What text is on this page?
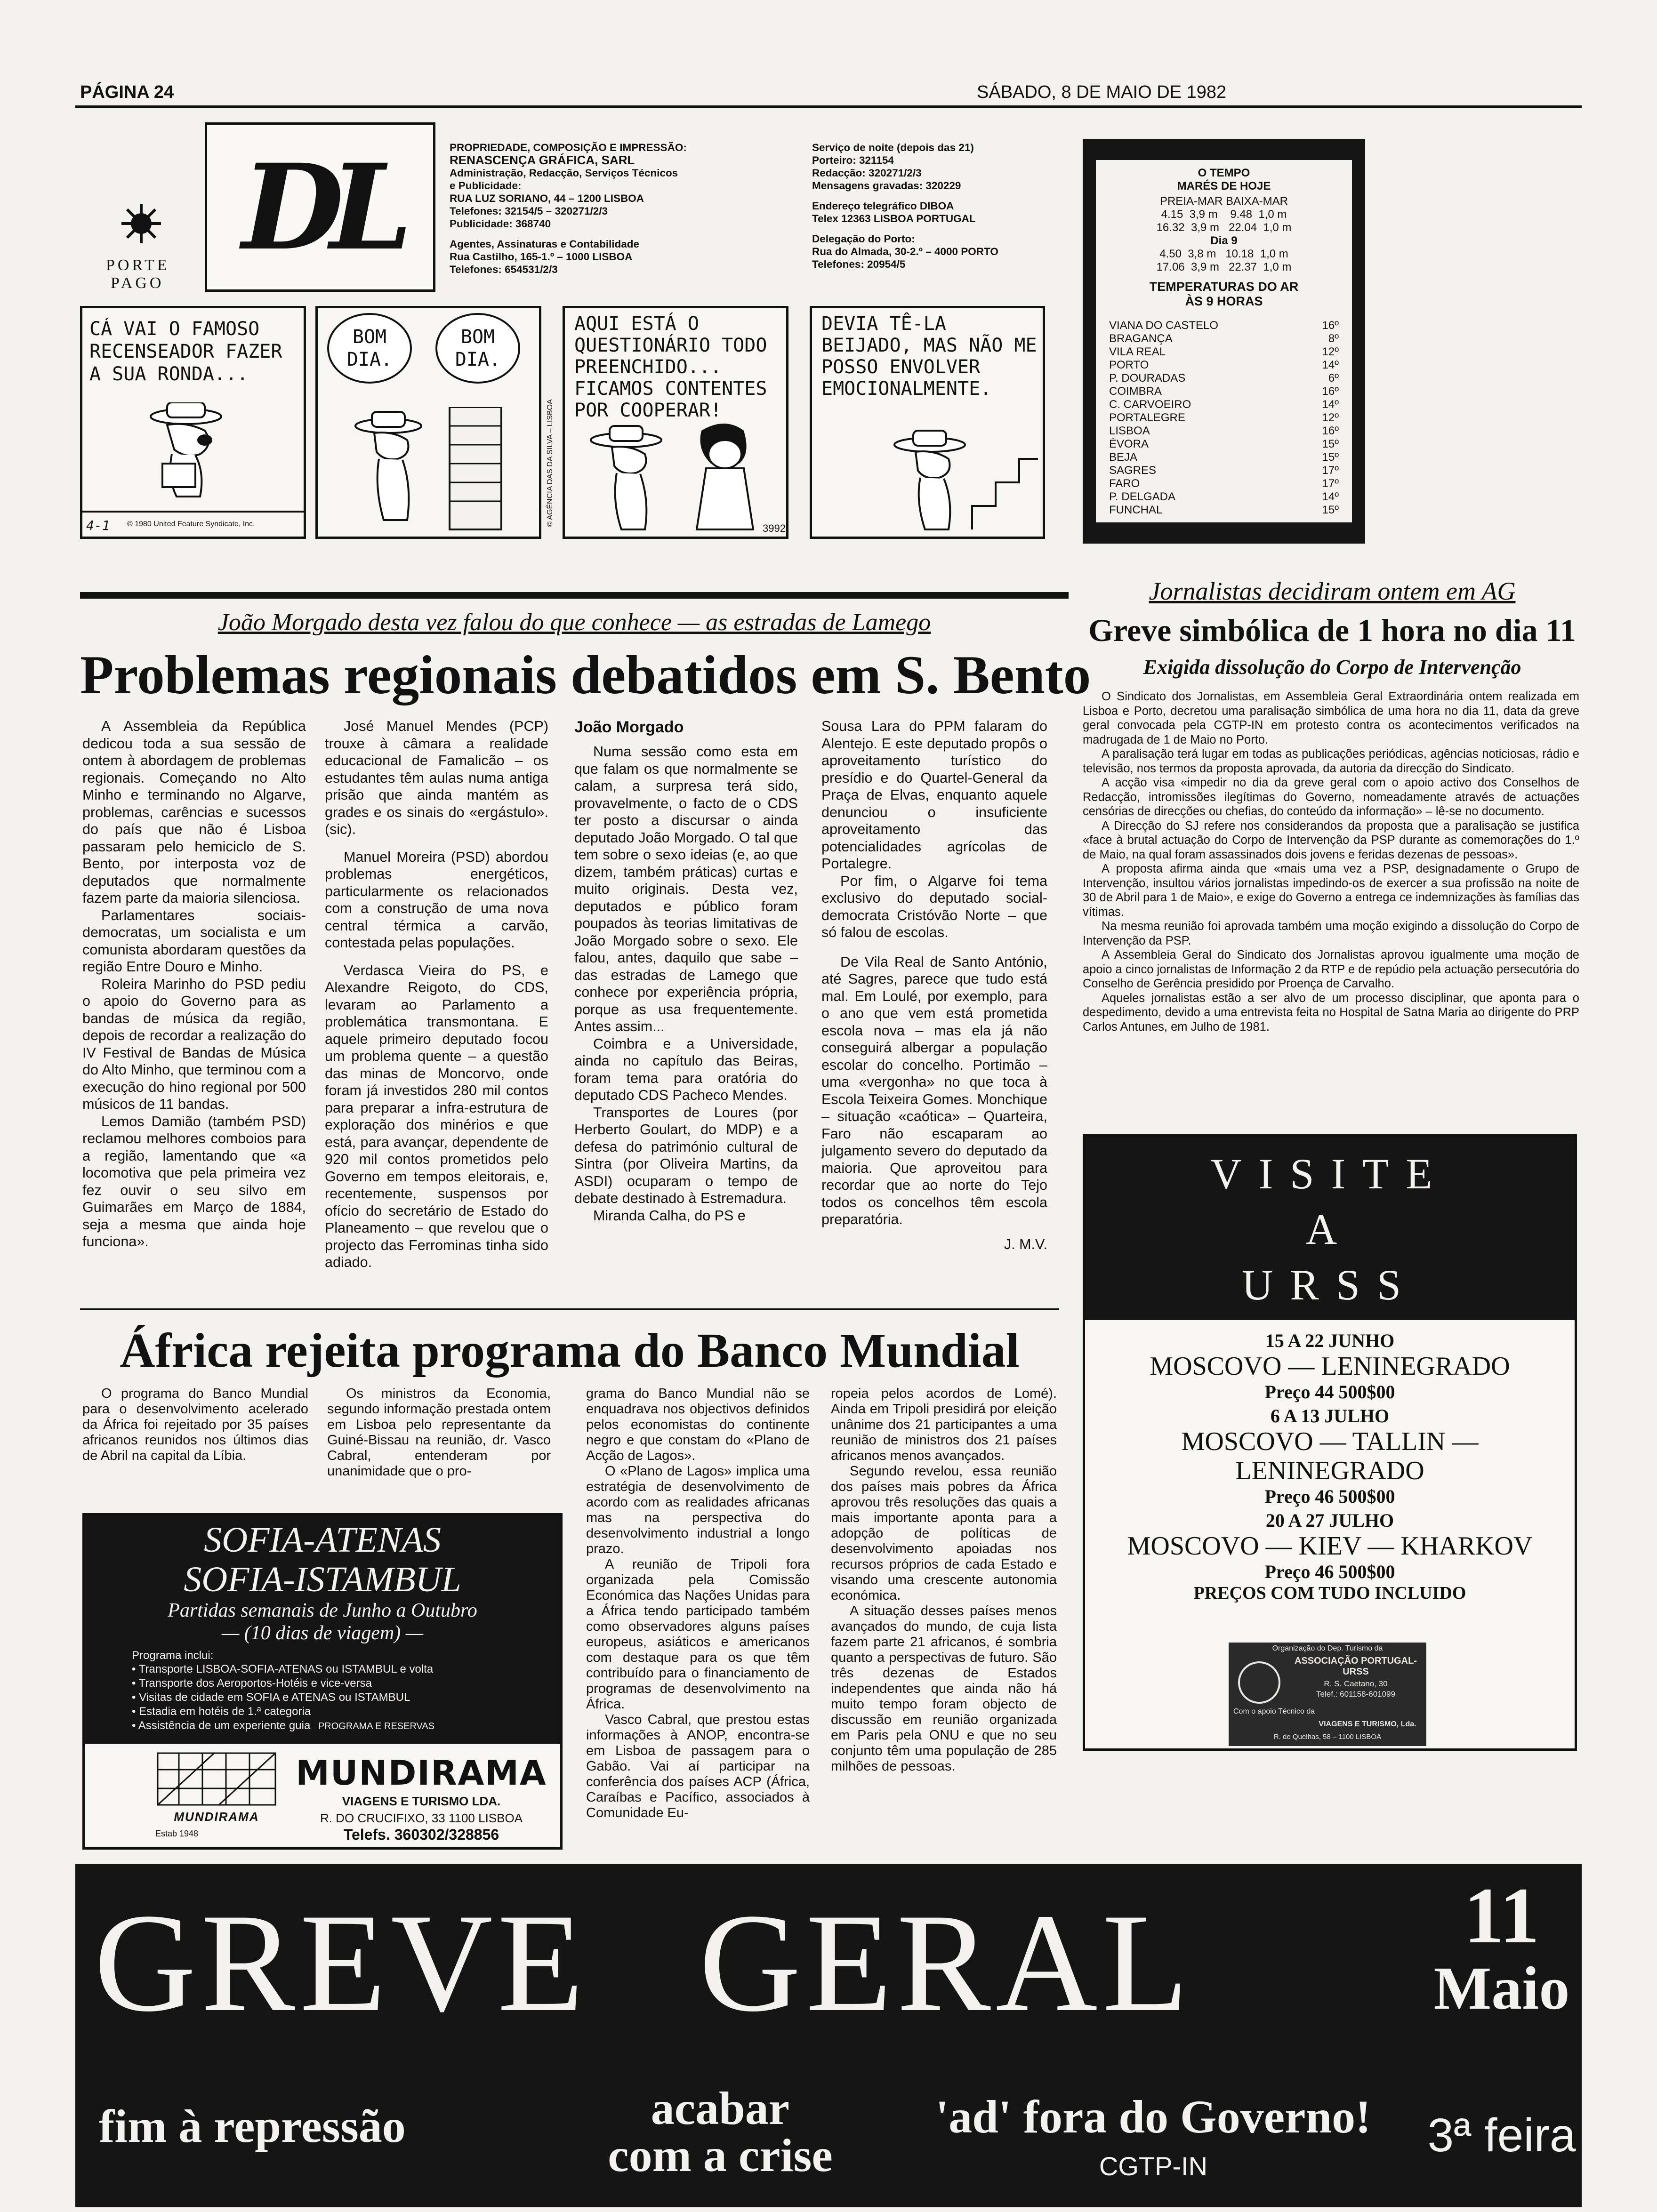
PÁGINA 24	SÁBADO, 8 DE MAIO DE 1982
PORTE
PAGO
DL	PROPRIEDADE, COMPOSIÇÃO E IMPRESSÃO:
RENASCENÇA GRÁFICA, SARL
Administração, Redacção, Serviços Técnicos
e Publicidade:
RUA LUZ SORIANO, 44 – 1200 LISBOA
Telefones: 32154/5 – 320271/2/3
Publicidade: 368740
Agentes, Assinaturas e Contabilidade
Rua Castilho, 165-1.º – 1000 LISBOA
Telefones: 654531/2/3
Serviço de noite (depois das 21)
Porteiro: 321154
Redacção: 320271/2/3
Mensagens gravadas: 320229
Endereço telegráfico DIBOA
Telex 12363 LISBOA PORTUGAL
Delegação do Porto:
Rua do Almada, 30-2.º – 4000 PORTO
Telefones: 20954/5
O TEMPO
MARÉS DE HOJE
PREIA-MAR BAIXA-MAR
4.15  3,9 m    9.48  1,0 m
16.32  3,9 m   22.04  1,0 m
Dia 9
4.50  3,8 m   10.18  1,0 m
17.06  3,9 m   22.37  1,0 m
TEMPERATURAS DO AR
ÀS 9 HORAS
VIANA DO CASTELO	16º
BRAGANÇA	8º
VILA REAL	12º
PORTO	14º
P. DOURADAS	6º
COIMBRA	16º
C. CARVOEIRO	14º
PORTALEGRE	12º
LISBOA	16º
ÉVORA	15º
BEJA	15º
SAGRES	17º
FARO	17º
P. DELGADA	14º
FUNCHAL	15º
CÁ VAI O FAMOSO RECENSEADOR FAZER A SUA RONDA...
4-1 © 1980 United Feature Syndicate, Inc.
BOM DIA.
BOM DIA.
© AGÊNCIA DAS DA SILVA – LISBOA
AQUI ESTÁ O QUESTIONÁRIO TODO PREENCHIDO... FICAMOS CONTENTES POR COOPERAR!
3992
DEVIA TÊ-LA BEIJADO, MAS NÃO ME POSSO ENVOLVER EMOCIONALMENTE.
João Morgado desta vez falou do que conhece — as estradas de Lamego
Problemas regionais debatidos em S. Bento

A Assembleia da República dedicou toda a sua sessão de ontem à abordagem de problemas regionais. Começando no Alto Minho e terminando no Algarve, problemas, carências e sucessos do país que não é Lisboa passaram pelo hemiciclo de S. Bento, por interposta voz de deputados que normalmente fazem parte da maioria silenciosa.

Parlamentares sociais-democratas, um socialista e um comunista abordaram questões da região Entre Douro e Minho.

Roleira Marinho do PSD pediu o apoio do Governo para as bandas de música da região, depois de recordar a realização do IV Festival de Bandas de Música do Alto Minho, que terminou com a execução do hino regional por 500 músicos de 11 bandas.

Lemos Damião (também PSD) reclamou melhores comboios para a região, lamentando que «a locomotiva que pela primeira vez fez ouvir o seu silvo em Guimarães em Março de 1884, seja a mesma que ainda hoje funciona».

José Manuel Mendes (PCP) trouxe à câmara a realidade educacional de Famalicão – os estudantes têm aulas numa antiga prisão que ainda mantém as grades e os sinais do «ergástulo». (sic).

Manuel Moreira (PSD) abordou problemas energéticos, particularmente os relacionados com a construção de uma nova central térmica a carvão, contestada pelas populações.

Verdasca Vieira do PS, e Alexandre Reigoto, do CDS, levaram ao Parlamento a problemática transmontana. E aquele primeiro deputado focou um problema quente – a questão das minas de Moncorvo, onde foram já investidos 280 mil contos para preparar a infra-estrutura de exploração dos minérios e que está, para avançar, dependente de 920 mil contos prometidos pelo Governo em tempos eleitorais, e, recentemente, suspensos por ofício do secretário de Estado do Planeamento – que revelou que o projecto das Ferrominas tinha sido adiado.

João Morgado

Numa sessão como esta em que falam os que normalmente se calam, a surpresa terá sido, provavelmente, o facto de o CDS ter posto a discursar o ainda deputado João Morgado. O tal que tem sobre o sexo ideias (e, ao que dizem, também práticas) curtas e muito originais. Desta vez, deputados e público foram poupados às teorias limitativas de João Morgado sobre o sexo. Ele falou, antes, daquilo que sabe – das estradas de Lamego que conhece por experiência própria, porque as usa frequentemente. Antes assim...

Coimbra e a Universidade, ainda no capítulo das Beiras, foram tema para oratória do deputado CDS Pacheco Mendes.

Transportes de Loures (por Herberto Goulart, do MDP) e a defesa do património cultural de Sintra (por Oliveira Martins, da ASDI) ocuparam o tempo de debate destinado à Estremadura.

Miranda Calha, do PS e

Sousa Lara do PPM falaram do Alentejo. E este deputado propôs o aproveitamento turístico do presídio e do Quartel-General da Praça de Elvas, enquanto aquele denunciou o insuficiente aproveitamento das potencialidades agrícolas de Portalegre.

Por fim, o Algarve foi tema exclusivo do deputado social-democrata Cristóvão Norte – que só falou de escolas.

De Vila Real de Santo António, até Sagres, parece que tudo está mal. Em Loulé, por exemplo, para o ano que vem está prometida escola nova – mas ela já não conseguirá albergar a população escolar do concelho. Portimão – uma «vergonha» no que toca à Escola Teixeira Gomes. Monchique – situação «caótica» – Quarteira, Faro não escaparam ao julgamento severo do deputado da maioria. Que aproveitou para recordar que ao norte do Tejo todos os concelhos têm escola preparatória.

J. M.V.
Jornalistas decidiram ontem em AG
Greve simbólica de 1 hora no dia 11
Exigida dissolução do Corpo de Intervenção

O Sindicato dos Jornalistas, em Assembleia Geral Extraordinária ontem realizada em Lisboa e Porto, decretou uma paralisação simbólica de uma hora no dia 11, data da greve geral convocada pela CGTP-IN em protesto contra os acontecimentos verificados na madrugada de 1 de Maio no Porto.

A paralisação terá lugar em todas as publicações periódicas, agências noticiosas, rádio e televisão, nos termos da proposta aprovada, da autoria da direcção do Sindicato.

A acção visa «impedir no dia da greve geral com o apoio activo dos Conselhos de Redacção, intromissões ilegítimas do Governo, nomeadamente através de actuações censórias de direcções ou chefias, do conteúdo da informação» – lê-se no documento.

A Direcção do SJ refere nos considerandos da proposta que a paralisação se justifica «face à brutal actuação do Corpo de Intervenção da PSP durante as comemorações do 1.º de Maio, na qual foram assassinados dois jovens e feridas dezenas de pessoas».

A proposta afirma ainda que «mais uma vez a PSP, designadamente o Grupo de Intervenção, insultou vários jornalistas impedindo-os de exercer a sua profissão na noite de 30 de Abril para 1 de Maio», e exige do Governo a entrega ce indemnizações às famílias das vítimas.

Na mesma reunião foi aprovada também uma moção exigindo a dissolução do Corpo de Intervenção da PSP.

A Assembleia Geral do Sindicato dos Jornalistas aprovou igualmente uma moção de apoio a cinco jornalistas de Informação 2 da RTP e de repúdio pela actuação persecutória do Conselho de Gerência presidido por Proença de Carvalho.

Aqueles jornalistas estão a ser alvo de um processo disciplinar, que aponta para o despedimento, devido a uma entrevista feita no Hospital de Satna Maria ao dirigente do PRP Carlos Antunes, em Julho de 1981.

VISITE
A
URSS
15 A 22 JUNHO
MOSCOVO — LENINEGRADO
Preço 44 500$00
6 A 13 JULHO
MOSCOVO — TALLIN — LENINEGRADO
Preço 46 500$00
20 A 27 JULHO
MOSCOVO — KIEV — KHARKOV
Preço 46 500$00
PREÇOS COM TUDO INCLUIDO
Organização do Dep. Turismo da
ASSOCIAÇÃO PORTUGAL-URSS
R. S. Caetano, 30
Telef.: 601158-601099
Com o apoio Técnico da
VIAGENS E TURISMO, Lda.
R. de Quelhas, 58 – 1100 LISBOA
África rejeita programa do Banco Mundial

O programa do Banco Mundial para o desenvolvimento acelerado da África foi rejeitado por 35 países africanos reunidos nos últimos dias de Abril na capital da Líbia.

Os ministros da Economia, segundo informação prestada ontem em Lisboa pelo representante da Guiné-Bissau na reunião, dr. Vasco Cabral, entenderam por unanimidade que o pro-

grama do Banco Mundial não se enquadrava nos objectivos definidos pelos economistas do continente negro e que constam do «Plano de Acção de Lagos».

O «Plano de Lagos» implica uma estratégia de desenvolvimento de acordo com as realidades africanas mas na perspectiva do desenvolvimento industrial a longo prazo.

A reunião de Tripoli fora organizada pela Comissão Económica das Nações Unidas para a África tendo participado também como observadores alguns países europeus, asiáticos e americanos com destaque para os que têm contribuído para o financiamento de programas de desenvolvimento na África.

Vasco Cabral, que prestou estas informações à ANOP, encontra-se em Lisboa de passagem para o Gabão. Vai aí participar na conferência dos países ACP (África, Caraíbas e Pacífico, associados à Comunidade Eu-

ropeia pelos acordos de Lomé). Ainda em Tripoli presidirá por eleição unânime dos 21 participantes a uma reunião de ministros dos 21 países africanos menos avançados.

Segundo revelou, essa reunião dos países mais pobres da África aprovou três resoluções das quais a mais importante aponta para a adopção de políticas de desenvolvimento apoiadas nos recursos próprios de cada Estado e visando uma crescente autonomia económica.

A situação desses países menos avançados do mundo, de cuja lista fazem parte 21 africanos, é sombria quanto a perspectivas de futuro. São três dezenas de Estados independentes que ainda não há muito tempo foram objecto de discussão em reunião organizada em Paris pela ONU e que no seu conjunto têm uma população de 285 milhões de pessoas.

SOFIA-ATENAS
SOFIA-ISTAMBUL
Partidas semanais de Junho a Outubro
— (10 dias de viagem) —
Programa inclui:
• Transporte LISBOA-SOFIA-ATENAS ou ISTAMBUL e volta
• Transporte dos Aeroportos-Hotéis e vice-versa
• Visitas de cidade em SOFIA e ATENAS ou ISTAMBUL
• Estadia em hotéis de 1.ª categoria
• Assistência de um experiente guia PROGRAMA E RESERVAS
MUNDIRAMA
Estab 1948
MUNDIRAMA
VIAGENS E TURISMO LDA.
R. DO CRUCIFIXO, 33 1100 LISBOA
Telefs. 360302/328856
GREVE GERAL	11
Maio
fim à repressão	acabar
com a crise
'ad' fora do Governo!
CGTP-IN
3ª feira
